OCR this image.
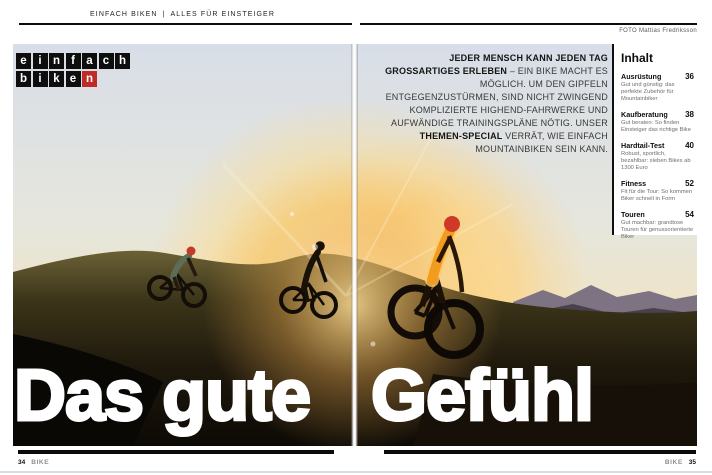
EINFACH BIKEN | ALLES FÜR EINSTEIGER
FOTO Mattias Fredriksson
e	i n f a c h
b i	k e n

JEDER MENSCH KANN JEDEN TAG GROSSARTIGES ERLEBEN – EIN BIKE MACHT ES MÖGLICH. UM DEN GIPFELN ENTGEGENZUSTÜRMEN, SIND NICHT ZWINGEND KOMPLIZIERTE HIGHEND-FAHRWERKE UND AUFWÄNDIGE TRAININGSPLÄNE NÖTIG. UNSER THEMEN-SPECIAL VERRÄT, WIE EINFACH MOUNTAINBIKEN SEIN KANN.

Inhalt
Ausrüstung	36
Gut und günstig: das perfekte Zubehör für Mountainbiker
Kaufberatung 38
Gut beraten: So finden Einsteiger das richtige Bike
Hardtail-Test	40
Robust, sportlich, bezahlbar: sieben Bikes ab 1300 Euro
Fitness	52
Fit für die Tour: So kommen Biker schnell in Form
Touren	54
Gut machbar: grandiose Touren für genussorientierte Biker
Das gute Gefühl
34 BIKE	BIKE 35
